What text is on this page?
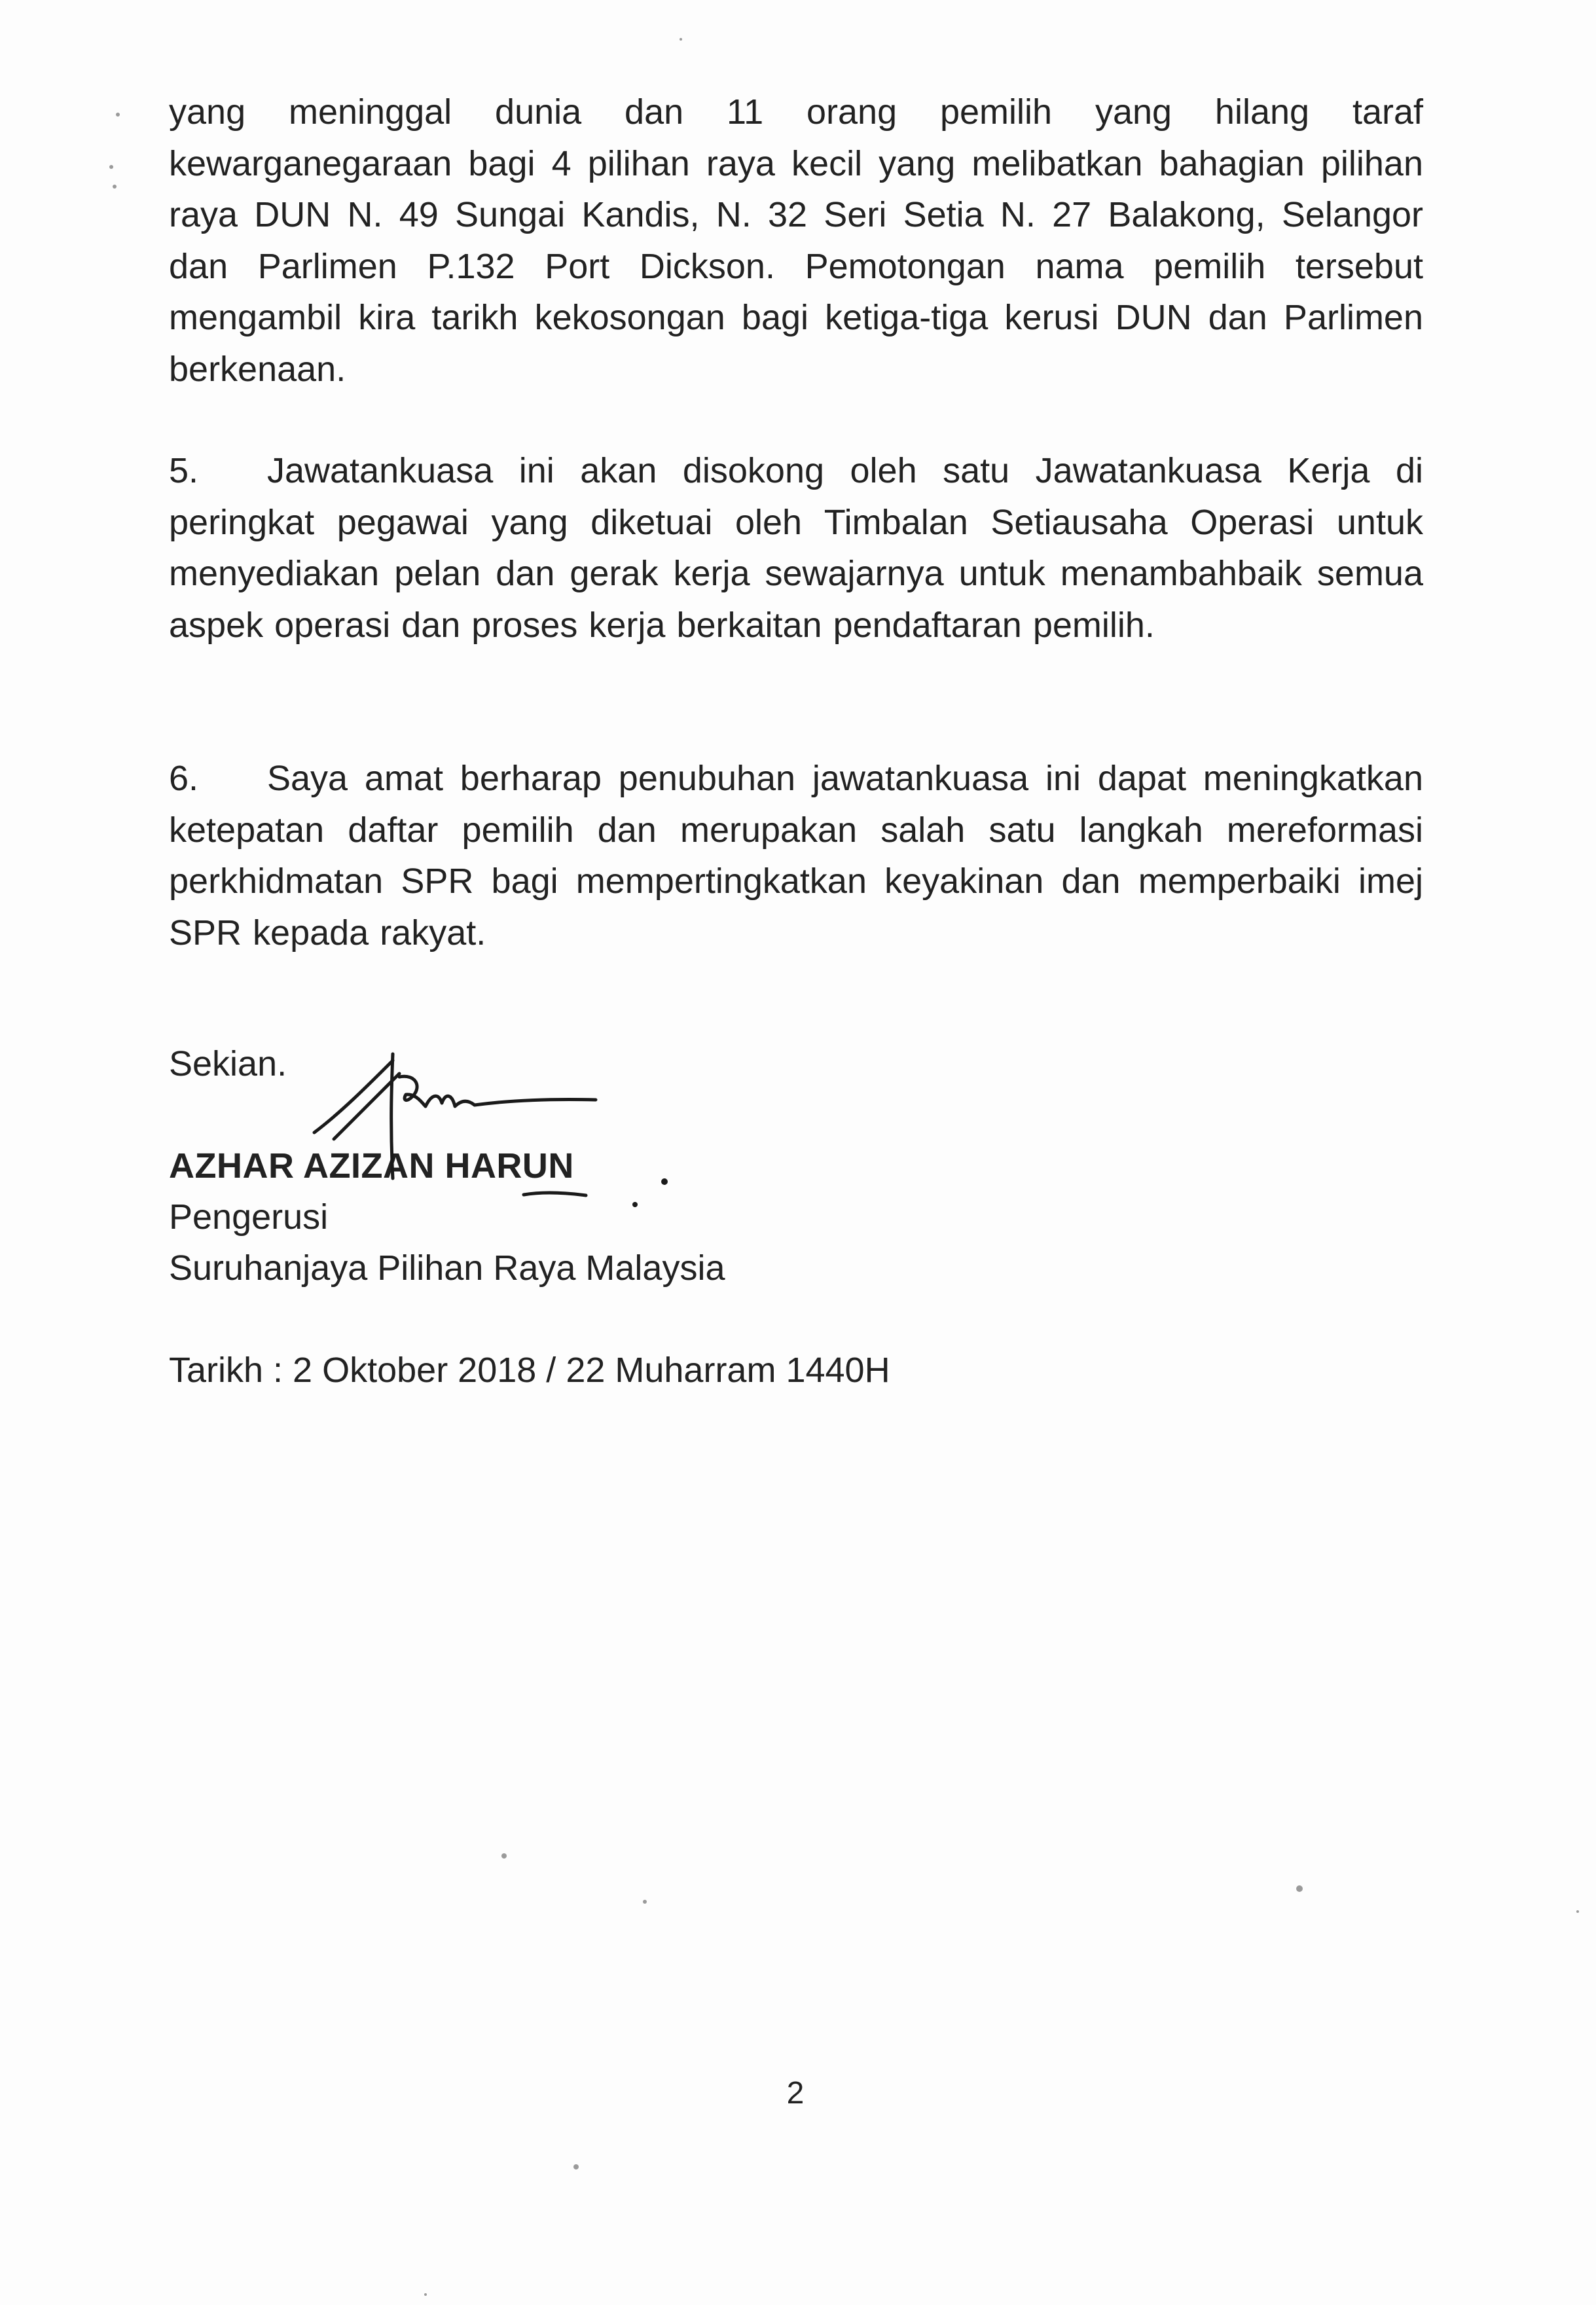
yang meninggal dunia dan 11 orang pemilih yang hilang taraf kewarganegaraan bagi 4 pilihan raya kecil yang melibatkan bahagian pilihan raya DUN N. 49 Sungai Kandis, N. 32 Seri Setia N. 27 Balakong, Selangor dan Parlimen P.132 Port Dickson. Pemotongan nama pemilih tersebut mengambil kira tarikh kekosongan bagi ketiga-tiga kerusi DUN dan Parlimen berkenaan.

5. Jawatankuasa ini akan disokong oleh satu Jawatankuasa Kerja di peringkat pegawai yang diketuai oleh Timbalan Setiausaha Operasi untuk menyediakan pelan dan gerak kerja sewajarnya untuk menambahbaik semua aspek operasi dan proses kerja berkaitan pendaftaran pemilih.

6. Saya amat berharap penubuhan jawatankuasa ini dapat meningkatkan ketepatan daftar pemilih dan merupakan salah satu langkah mereformasi perkhidmatan SPR bagi mempertingkatkan keyakinan dan memperbaiki imej SPR kepada rakyat.

Sekian.
AZHAR AZIZAN HARUN
Pengerusi
Suruhanjaya Pilihan Raya Malaysia
Tarikh : 2 Oktober 2018 / 22 Muharram 1440H
2
